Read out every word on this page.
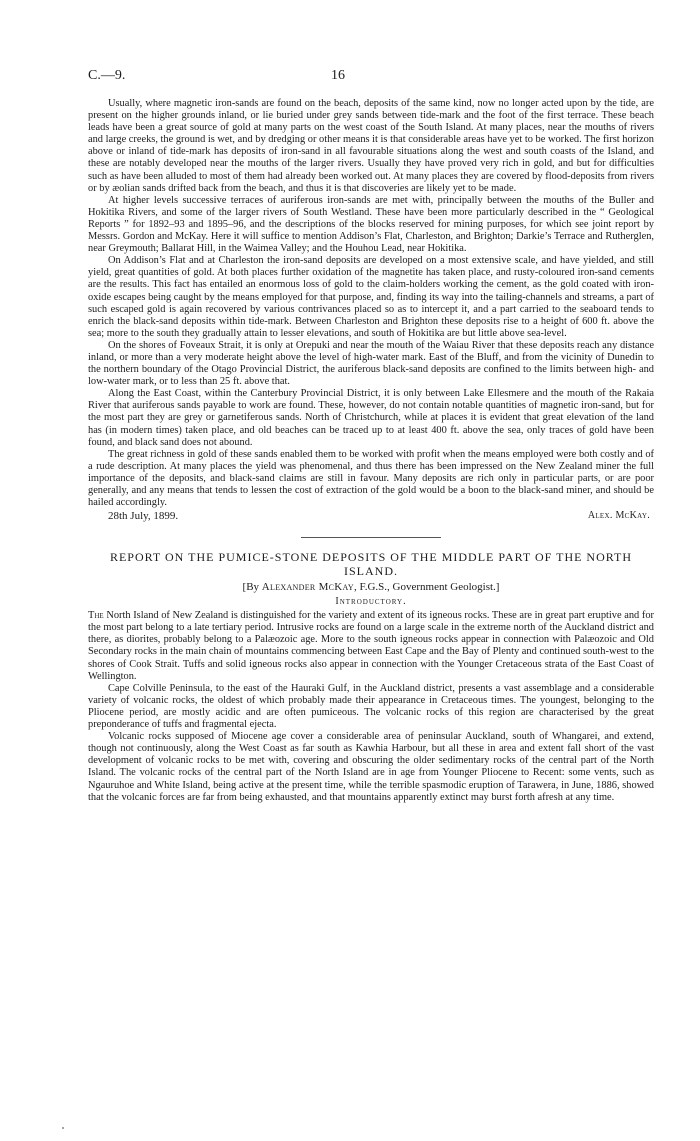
C.—9.	16

Usually, where magnetic iron-sands are found on the beach, deposits of the same kind, now no longer acted upon by the tide, are present on the higher grounds inland, or lie buried under grey sands between tide-mark and the foot of the first terrace. These beach leads have been a great source of gold at many parts on the west coast of the South Island. At many places, near the mouths of rivers and large creeks, the ground is wet, and by dredging or other means it is that considerable areas have yet to be worked. The first horizon above or inland of tide-mark has deposits of iron-sand in all favourable situations along the west and south coasts of the Island, and these are notably developed near the mouths of the larger rivers. Usually they have proved very rich in gold, and but for difficulties such as have been alluded to most of them had already been worked out. At many places they are covered by flood-deposits from rivers or by æolian sands drifted back from the beach, and thus it is that discoveries are likely yet to be made.

At higher levels successive terraces of auriferous iron-sands are met with, principally between the mouths of the Buller and Hokitika Rivers, and some of the larger rivers of South Westland. These have been more particularly described in the “ Geological Reports ” for 1892–93 and 1895–96, and the descriptions of the blocks reserved for mining purposes, for which see joint report by Messrs. Gordon and McKay. Here it will suffice to mention Addison’s Flat, Charleston, and Brighton; Darkie’s Terrace and Rutherglen, near Greymouth; Ballarat Hill, in the Waimea Valley; and the Houhou Lead, near Hokitika.

On Addison’s Flat and at Charleston the iron-sand deposits are developed on a most extensive scale, and have yielded, and still yield, great quantities of gold. At both places further oxidation of the magnetite has taken place, and rusty-coloured iron-sand cements are the results. This fact has entailed an enormous loss of gold to the claim-holders working the cement, as the gold coated with iron-oxide escapes being caught by the means employed for that purpose, and, finding its way into the tailing-channels and streams, a part of such escaped gold is again recovered by various contrivances placed so as to intercept it, and a part carried to the seaboard tends to enrich the black-sand deposits within tide-mark. Between Charleston and Brighton these deposits rise to a height of 600 ft. above the sea; more to the south they gradually attain to lesser elevations, and south of Hokitika are but little above sea-level.

On the shores of Foveaux Strait, it is only at Orepuki and near the mouth of the Waiau River that these deposits reach any distance inland, or more than a very moderate height above the level of high-water mark. East of the Bluff, and from the vicinity of Dunedin to the northern boundary of the Otago Provincial District, the auriferous black-sand deposits are confined to the limits between high- and low-water mark, or to less than 25 ft. above that.

Along the East Coast, within the Canterbury Provincial District, it is only between Lake Ellesmere and the mouth of the Rakaia River that auriferous sands payable to work are found. These, however, do not contain notable quantities of magnetic iron-sand, but for the most part they are grey or garnetiferous sands. North of Christchurch, while at places it is evident that great elevation of the land has (in modern times) taken place, and old beaches can be traced up to at least 400 ft. above the sea, only traces of gold have been found, and black sand does not abound.

The great richness in gold of these sands enabled them to be worked with profit when the means employed were both costly and of a rude description. At many places the yield was phenomenal, and thus there has been impressed on the New Zealand miner the full importance of the deposits, and black-sand claims are still in favour. Many deposits are rich only in particular parts, or are poor generally, and any means that tends to lessen the cost of extraction of the gold would be a boon to the black-sand miner, and should be hailed accordingly.

28th July, 1899.	Alex. McKay.
REPORT ON THE PUMICE-STONE DEPOSITS OF THE MIDDLE PART OF THE NORTH ISLAND.
[By Alexander McKay, F.G.S., Government Geologist.]
Introductory.

The North Island of New Zealand is distinguished for the variety and extent of its igneous rocks. These are in great part eruptive and for the most part belong to a late tertiary period. Intrusive rocks are found on a large scale in the extreme north of the Auckland district and there, as diorites, probably belong to a Palæozoic age. More to the south igneous rocks appear in connection with Palæozoic and Old Secondary rocks in the main chain of mountains commencing between East Cape and the Bay of Plenty and continued south-west to the shores of Cook Strait. Tuffs and solid igneous rocks also appear in connection with the Younger Cretaceous strata of the East Coast of Wellington.

Cape Colville Peninsula, to the east of the Hauraki Gulf, in the Auckland district, presents a vast assemblage and a considerable variety of volcanic rocks, the oldest of which probably made their appearance in Cretaceous times. The youngest, belonging to the Pliocene period, are mostly acidic and are often pumiceous. The volcanic rocks of this region are characterised by the great preponderance of tuffs and fragmental ejecta.

Volcanic rocks supposed of Miocene age cover a considerable area of peninsular Auckland, south of Whangarei, and extend, though not continuously, along the West Coast as far south as Kawhia Harbour, but all these in area and extent fall short of the vast development of volcanic rocks to be met with, covering and obscuring the older sedimentary rocks of the central part of the North Island. The volcanic rocks of the central part of the North Island are in age from Younger Pliocene to Recent: some vents, such as Ngauruhoe and White Island, being active at the present time, while the terrible spasmodic eruption of Tarawera, in June, 1886, showed that the volcanic forces are far from being exhausted, and that mountains apparently extinct may burst forth afresh at any time.
